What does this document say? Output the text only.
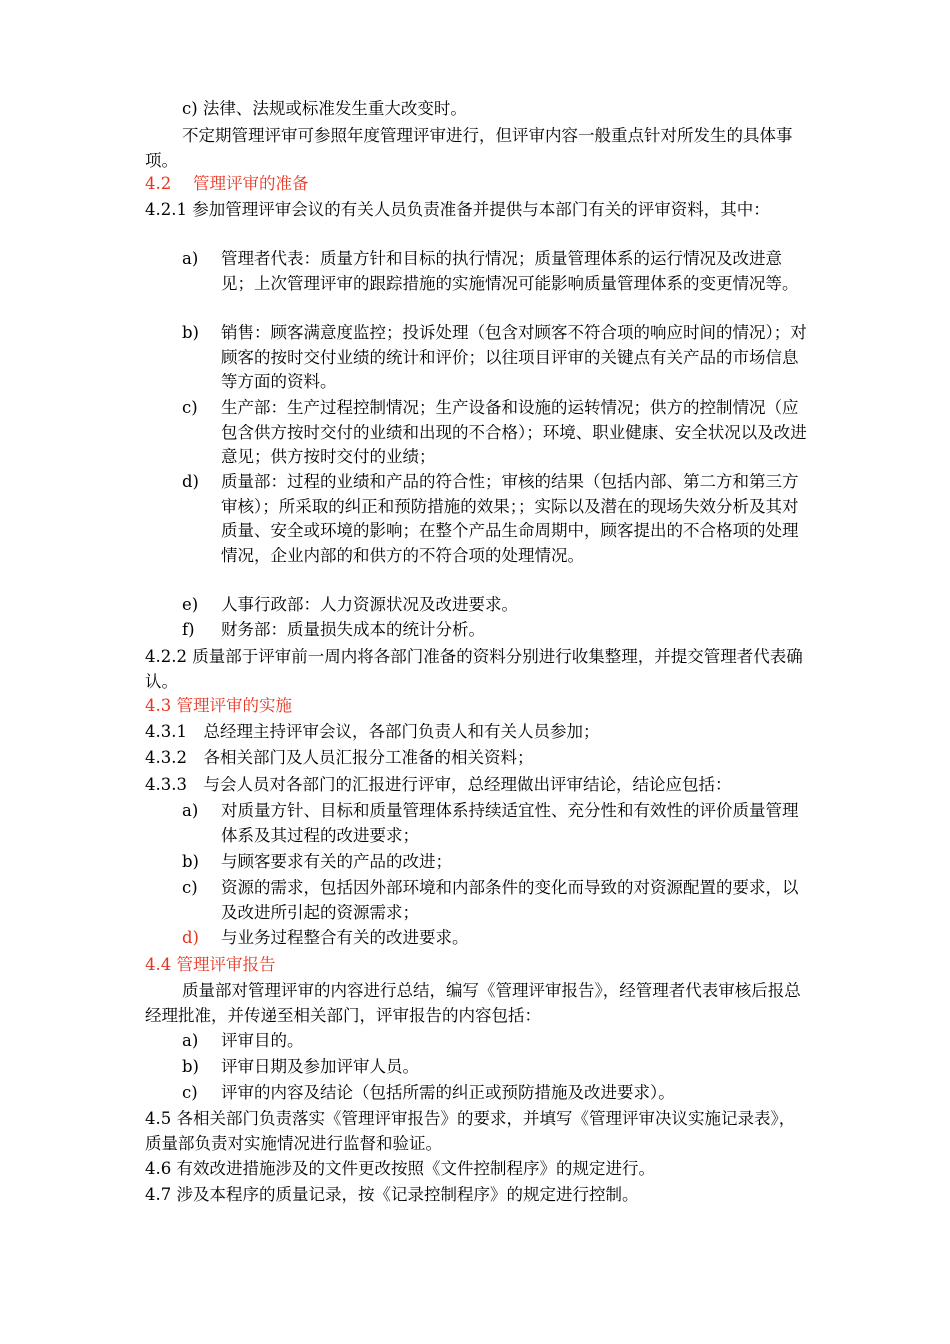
c) 法律、法规或标准发生重大改变时。
不定期管理评审可参照年度管理评审进行，但评审内容一般重点针对所发生的具体事项。
4.2　 管理评审的准备
4.2.1 参加管理评审会议的有关人员负责准备并提供与本部门有关的评审资料，其中：
a) 管理者代表：质量方针和目标的执行情况；质量管理体系的运行情况及改进意见；上次管理评审的跟踪措施的实施情况可能影响质量管理体系的变更情况等。
b) 销售：顾客满意度监控；投诉处理（包含对顾客不符合项的响应时间的情况）；对顾客的按时交付业绩的统计和评价；以往项目评审的关键点有关产品的市场信息等方面的资料。
c) 生产部：生产过程控制情况；生产设备和设施的运转情况；供方的控制情况（应包含供方按时交付的业绩和出现的不合格）；环境、职业健康、安全状况以及改进意见；供方按时交付的业绩；
d) 质量部：过程的业绩和产品的符合性；审核的结果（包括内部、第二方和第三方审核）；所采取的纠正和预防措施的效果；；实际以及潜在的现场失效分析及其对质量、安全或环境的影响；在整个产品生命周期中，顾客提出的不合格项的处理情况，企业内部的和供方的不符合项的处理情况。
e) 人事行政部：人力资源状况及改进要求。
f) 财务部：质量损失成本的统计分析。
4.2.2 质量部于评审前一周内将各部门准备的资料分别进行收集整理，并提交管理者代表确认。
4.3 管理评审的实施
4.3.1　总经理主持评审会议，各部门负责人和有关人员参加；
4.3.2　各相关部门及人员汇报分工准备的相关资料；
4.3.3　与会人员对各部门的汇报进行评审，总经理做出评审结论，结论应包括：
a) 对质量方针、目标和质量管理体系持续适宜性、充分性和有效性的评价质量管理体系及其过程的改进要求；
b) 与顾客要求有关的产品的改进；
c) 资源的需求，包括因外部环境和内部条件的变化而导致的对资源配置的要求，以及改进所引起的资源需求；
d) 与业务过程整合有关的改进要求。
4.4 管理评审报告
质量部对管理评审的内容进行总结，编写《管理评审报告》，经管理者代表审核后报总经理批准，并传递至相关部门，评审报告的内容包括：
a) 评审目的。
b) 评审日期及参加评审人员。
c) 评审的内容及结论（包括所需的纠正或预防措施及改进要求）。
4.5 各相关部门负责落实《管理评审报告》的要求，并填写《管理评审决议实施记录表》，质量部负责对实施情况进行监督和验证。
4.6 有效改进措施涉及的文件更改按照《文件控制程序》的规定进行。
4.7 涉及本程序的质量记录，按《记录控制程序》的规定进行控制。
